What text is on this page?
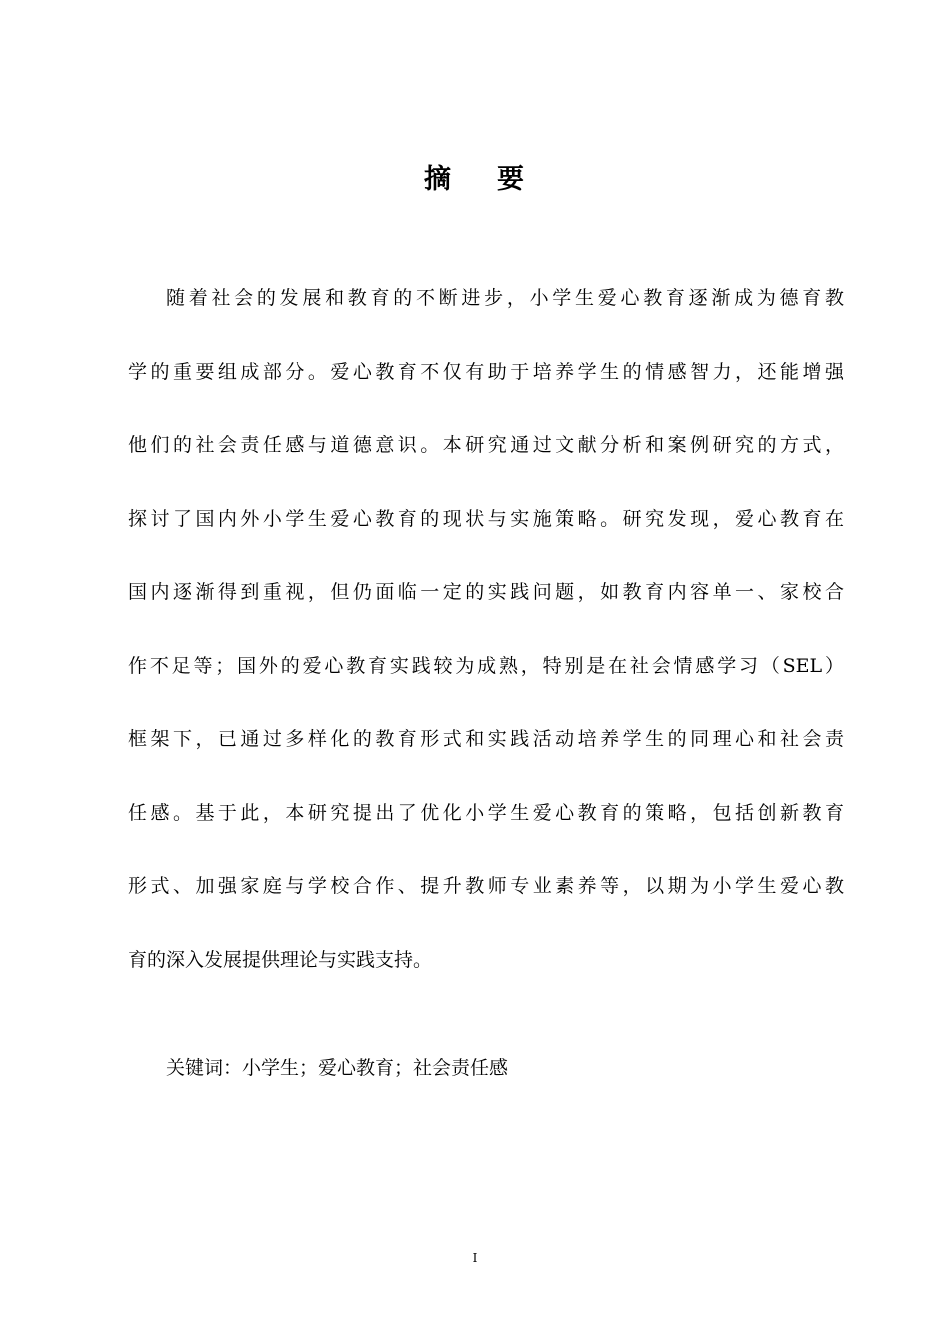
摘 要
随着社会的发展和教育的不断进步，小学生爱心教育逐渐成为德育教
学的重要组成部分。爱心教育不仅有助于培养学生的情感智力，还能增强
他们的社会责任感与道德意识。本研究通过文献分析和案例研究的方式，
探讨了国内外小学生爱心教育的现状与实施策略。研究发现，爱心教育在
国内逐渐得到重视，但仍面临一定的实践问题，如教育内容单一、家校合
作不足等；国外的爱心教育实践较为成熟，特别是在社会情感学习（SEL）
框架下，已通过多样化的教育形式和实践活动培养学生的同理心和社会责
任感。基于此，本研究提出了优化小学生爱心教育的策略，包括创新教育
形式、加强家庭与学校合作、提升教师专业素养等，以期为小学生爱心教
育的深入发展提供理论与实践支持。
关键词：小学生；爱心教育；社会责任感
I
